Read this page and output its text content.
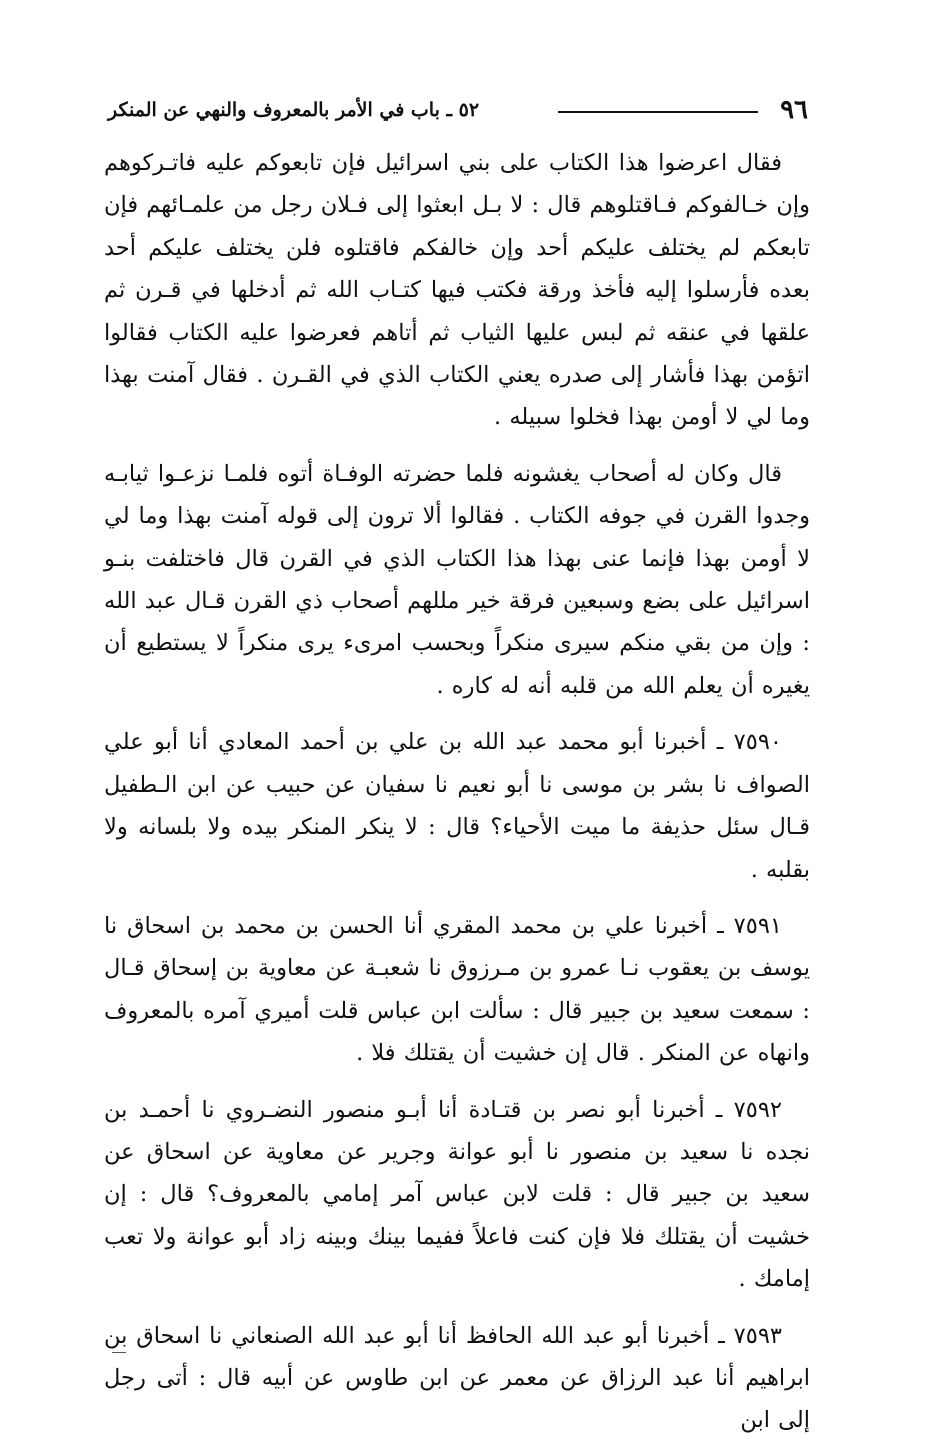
٩٦
٥٢ ـ باب في الأمر بالمعروف والنهي عن المنكر

فقال اعرضوا هذا الكتاب على بني اسرائيل فإن تابعوكم عليه فاتـركوهم وإن خـالفوكم فـاقتلوهم قال : لا بـل ابعثوا إلى فـلان رجل من علمـائهم فإن تابعكم لم يختلف عليكم أحد وإن خالفكم فاقتلوه فلن يختلف عليكم أحد بعده فأرسلوا إليه فأخذ ورقة فكتب فيها كتـاب الله ثم أدخلها في قـرن ثم علقها في عنقه ثم لبس عليها الثياب ثم أتاهم فعرضوا عليه الكتاب فقالوا اتؤمن بهذا فأشار إلى صدره يعني الكتاب الذي في القـرن . فقال آمنت بهذا وما لي لا أومن بهذا فخلوا سبيله .

قال وكان له أصحاب يغشونه فلما حضرته الوفـاة أتوه فلمـا نزعـوا ثيابـه وجدوا القرن في جوفه الكتاب . فقالوا ألا ترون إلى قوله آمنت بهذا وما لي لا أومن بهذا فإنما عنى بهذا هذا الكتاب الذي في القرن قال فاختلفت بنـو اسرائيل على بضع وسبعين فرقة خير مللهم أصحاب ذي القرن قـال عبد الله : وإن من بقي منكم سيرى منكراً وبحسب امرىء يرى منكراً لا يستطيع أن يغيره أن يعلم الله من قلبه أنه له كاره .

٧٥٩٠ ـ أخبرنا أبو محمد عبد الله بن علي بن أحمد المعادي أنا أبو علي الصواف نا بشر بن موسى نا أبو نعيم نا سفيان عن حبيب عن ابن الـطفيل قـال سئل حذيفة ما ميت الأحياء؟ قال : لا ينكر المنكر بيده ولا بلسانه ولا بقلبه .

٧٥٩١ ـ أخبرنا علي بن محمد المقري أنا الحسن بن محمد بن اسحاق نا يوسف بن يعقوب نـا عمرو بن مـرزوق نا شعبـة عن معاوية بن إسحاق قـال : سمعت سعيد بن جبير قال : سألت ابن عباس قلت أميري آمره بالمعروف وانهاه عن المنكر . قال إن خشيت أن يقتلك فلا .

٧٥٩٢ ـ أخبرنا أبو نصر بن قتـادة أنا أبـو منصور النضـروي نا أحمـد بن نجده نا سعيد بن منصور نا أبو عوانة وجرير عن معاوية عن اسحاق عن سعيد بن جبير قال : قلت لابن عباس آمر إمامي بالمعروف؟ قال : إن خشيت أن يقتلك فلا فإن كنت فاعلاً ففيما بينك وبينه زاد أبو عوانة ولا تعب إمامك .

٧٥٩٣ ـ أخبرنا أبو عبد الله الحافظ أنا أبو عبد الله الصنعاني نا اسحاق بن ابراهيم أنا عبد الرزاق عن معمر عن ابن طاوس عن أبيه قال : أتى رجل إلى ابن
